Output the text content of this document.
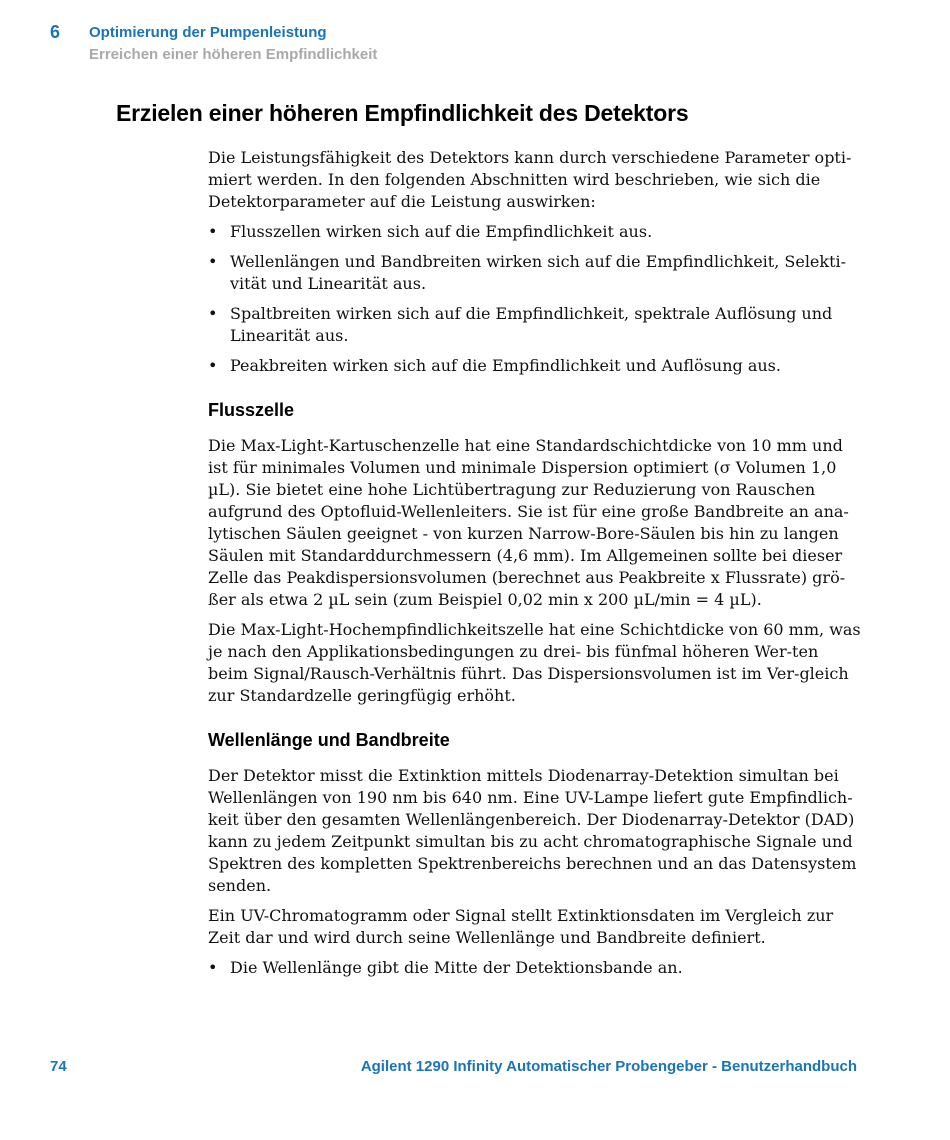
6 Optimierung der Pumpenleistung
Erreichen einer höheren Empfindlichkeit
Erzielen einer höheren Empfindlichkeit des Detektors

Die Leistungsfähigkeit des Detektors kann durch verschiedene Parameter opti-miert werden. In den folgenden Abschnitten wird beschrieben, wie sich die Detektorparameter auf die Leistung auswirken:

• Flusszellen wirken sich auf die Empfindlichkeit aus.
• Wellenlängen und Bandbreiten wirken sich auf die Empfindlichkeit, Selekti-vität und Linearität aus.
• Spaltbreiten wirken sich auf die Empfindlichkeit, spektrale Auflösung und Linearität aus.
• Peakbreiten wirken sich auf die Empfindlichkeit und Auflösung aus.
Flusszelle

Die Max-Light-Kartuschenzelle hat eine Standardschichtdicke von 10 mm und ist für minimales Volumen und minimale Dispersion optimiert (σ Volumen 1,0 µL). Sie bietet eine hohe Lichtübertragung zur Reduzierung von Rauschen aufgrund des Optofluid-Wellenleiters. Sie ist für eine große Bandbreite an ana-lytischen Säulen geeignet - von kurzen Narrow-Bore-Säulen bis hin zu langen Säulen mit Standarddurchmessern (4,6 mm). Im Allgemeinen sollte bei dieser Zelle das Peakdispersionsvolumen (berechnet aus Peakbreite x Flussrate) grö-ßer als etwa 2 µL sein (zum Beispiel 0,02 min x 200 µL/min = 4 µL).

Die Max-Light-Hochempfindlichkeitszelle hat eine Schichtdicke von 60 mm, was je nach den Applikationsbedingungen zu drei- bis fünfmal höheren Wer-ten beim Signal/Rausch-Verhältnis führt. Das Dispersionsvolumen ist im Ver-gleich zur Standardzelle geringfügig erhöht.

Wellenlänge und Bandbreite

Der Detektor misst die Extinktion mittels Diodenarray-Detektion simultan bei Wellenlängen von 190 nm bis 640 nm. Eine UV-Lampe liefert gute Empfindlich-keit über den gesamten Wellenlängenbereich. Der Diodenarray-Detektor (DAD) kann zu jedem Zeitpunkt simultan bis zu acht chromatographische Signale und Spektren des kompletten Spektrenbereichs berechnen und an das Datensystem senden.

Ein UV-Chromatogramm oder Signal stellt Extinktionsdaten im Vergleich zur Zeit dar und wird durch seine Wellenlänge und Bandbreite definiert.

• Die Wellenlänge gibt die Mitte der Detektionsbande an.
74	Agilent 1290 Infinity Automatischer Probengeber - Benutzerhandbuch
